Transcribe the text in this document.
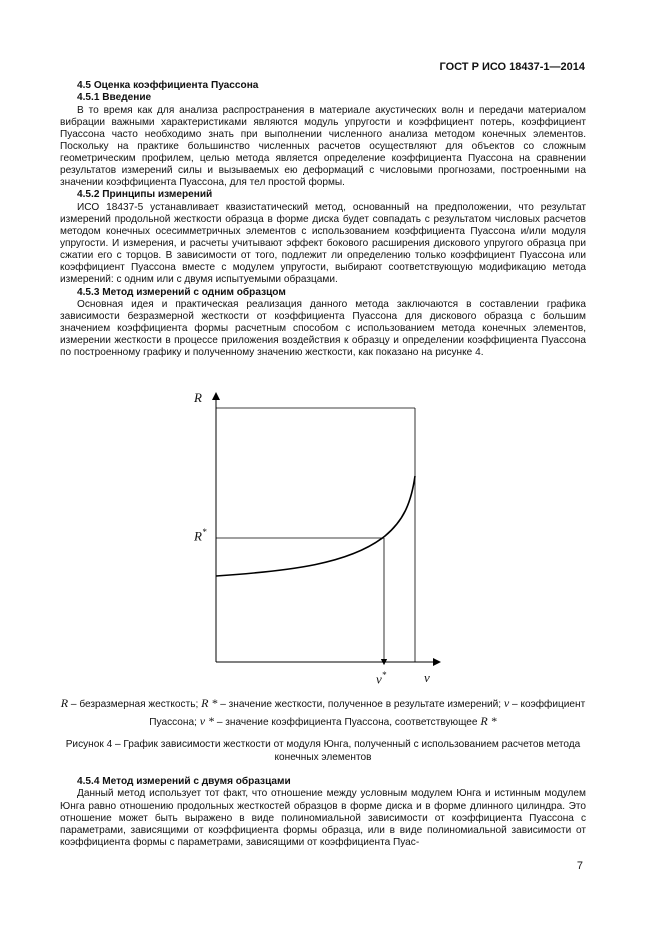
ГОСТ Р ИСО 18437-1—2014
4.5 Оценка коэффициента Пуассона
4.5.1 Введение

В то время как для анализа распространения в материале акустических волн и передачи материалом вибрации важными характеристиками являются модуль упругости и коэффициент потерь, коэффициент Пуассона часто необходимо знать при выполнении численного анализа методом конечных элементов. Поскольку на практике большинство численных расчетов осуществляют для объектов со сложным геометрическим профилем, целью метода является определение коэффициента Пуассона на сравнении результатов измерений силы и вызываемых ею деформаций с числовыми прогнозами, построенными на значении коэффициента Пуассона, для тел простой формы.

4.5.2 Принципы измерений

ИСО 18437-5 устанавливает квазистатический метод, основанный на предположении, что результат измерений продольной жесткости образца в форме диска будет совпадать с результатом числовых расчетов методом конечных осесимметричных элементов с использованием коэффициента Пуассона и/или модуля упругости. И измерения, и расчеты учитывают эффект бокового расширения дискового упругого образца при сжатии его с торцов. В зависимости от того, подлежит ли определению только коэффициент Пуассона или коэффициент Пуассона вместе с модулем упругости, выбирают соответствующую модификацию метода измерений: с одним или с двумя испытуемыми образцами.

4.5.3 Метод измерений с одним образцом

Основная идея и практическая реализация данного метода заключаются в составлении графика зависимости безразмерной жесткости от коэффициента Пуассона для дискового образца с большим значением коэффициента формы расчетным способом с использованием метода конечных элементов, измерении жесткости в процессе приложения воздействия к образцу и определении коэффициента Пуассона по построенному графику и полученному значению жесткости, как показано на рисунке 4.

R
R*
ν*	ν
R – безразмерная жесткость; R * – значение жесткости, полученное в результате измерений; ν – коэффициент Пуассона; ν * – значение коэффициента Пуассона, соответствующее R *
Рисунок 4 – График зависимости жесткости от модуля Юнга, полученный с использованием расчетов метода конечных элементов
4.5.4 Метод измерений с двумя образцами

Данный метод использует тот факт, что отношение между условным модулем Юнга и истинным модулем Юнга равно отношению продольных жесткостей образцов в форме диска и в форме длинного цилиндра. Это отношение может быть выражено в виде полиномиальной зависимости от коэффициента Пуассона с параметрами, зависящими от коэффициента формы образца, или в виде полиномиальной зависимости от коэффициента формы с параметрами, зависящими от коэффициента Пуас-

7
